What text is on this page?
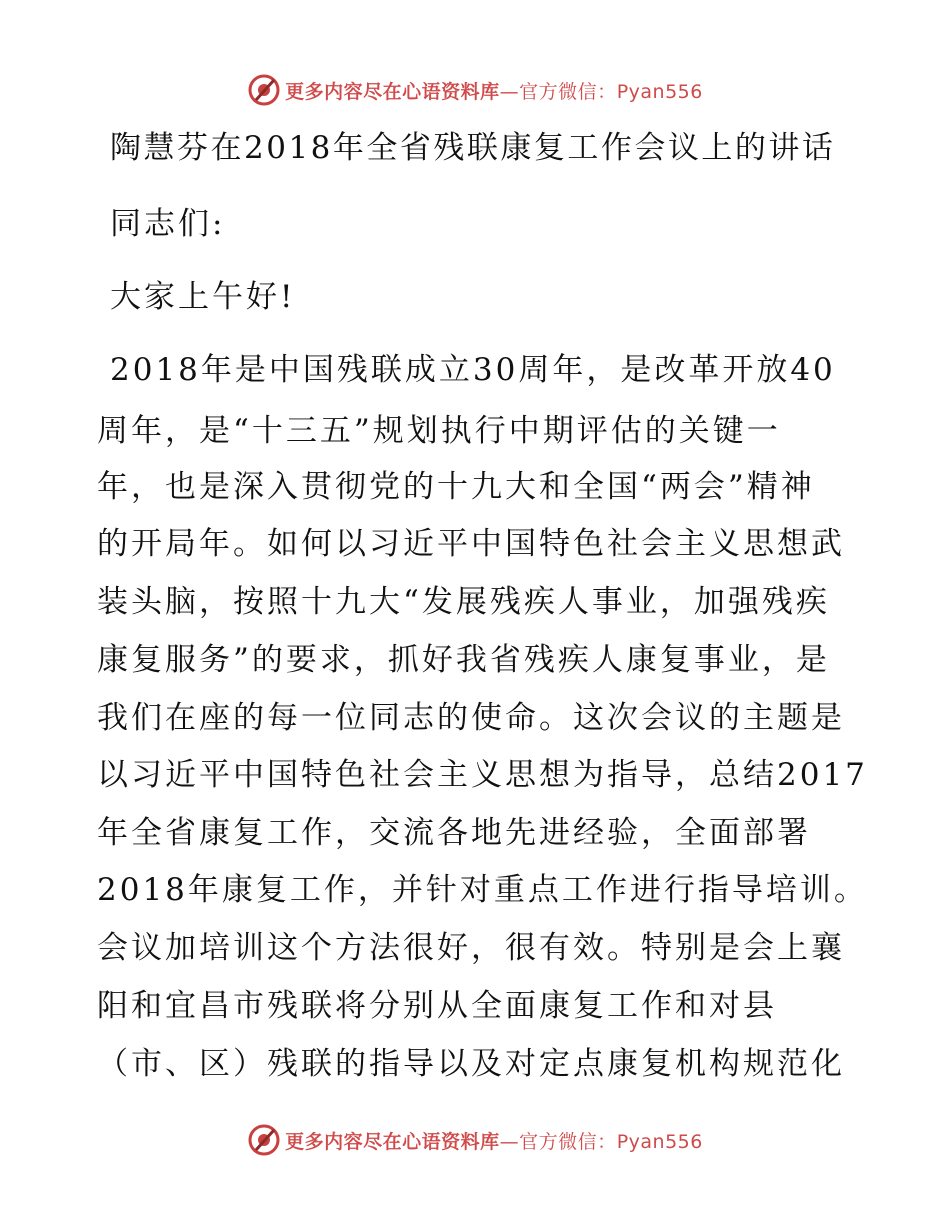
更多内容尽在心语资料库—官方微信：Pyan556
陶慧芬在2018年全省残联康复工作会议上的讲话
同志们:
大家上午好!
2018年是中国残联成立30周年，是改革开放40
周年，是“十三五”规划执行中期评估的关键一
年，也是深入贯彻党的十九大和全国“两会”精神
的开局年。如何以习近平中国特色社会主义思想武
装头脑，按照十九大“发展残疾人事业，加强残疾
康复服务”的要求，抓好我省残疾人康复事业，是
我们在座的每一位同志的使命。这次会议的主题是
以习近平中国特色社会主义思想为指导，总结2017
年全省康复工作，交流各地先进经验，全面部署
2018年康复工作，并针对重点工作进行指导培训。
会议加培训这个方法很好，很有效。特别是会上襄
阳和宜昌市残联将分别从全面康复工作和对县
（市、区）残联的指导以及对定点康复机构规范化
更多内容尽在心语资料库—官方微信：Pyan556
